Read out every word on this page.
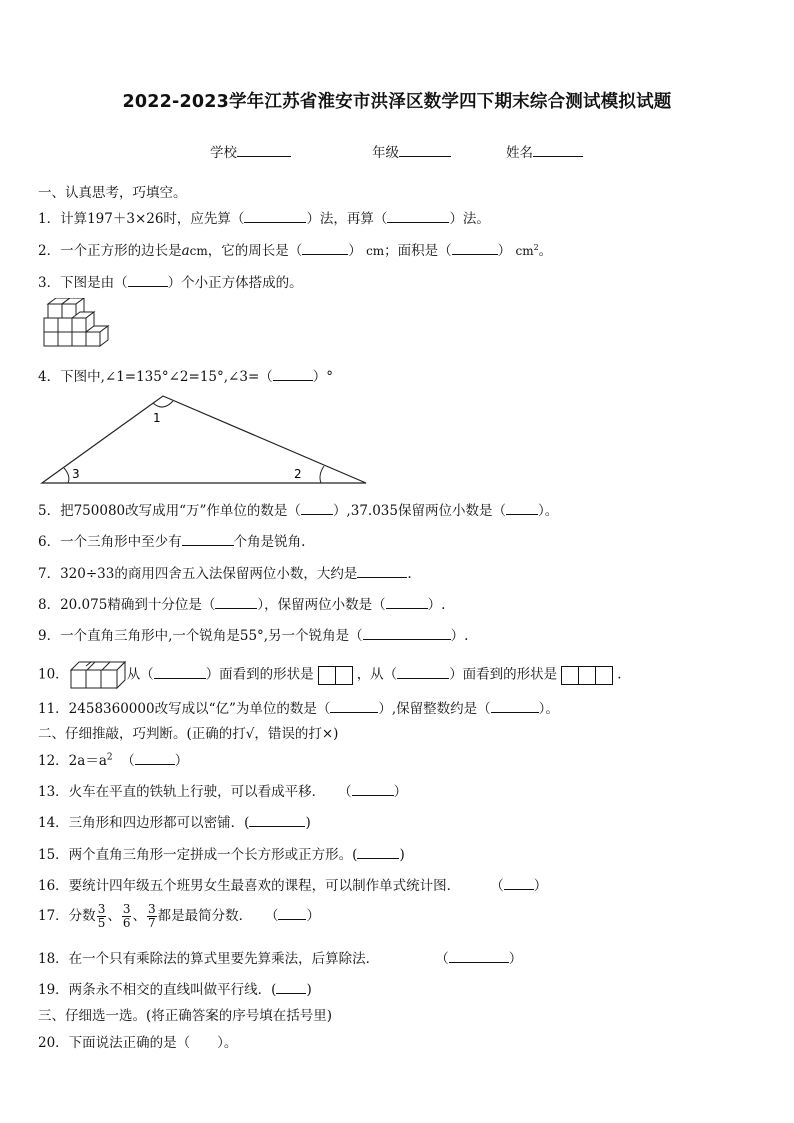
2022-2023学年江苏省淮安市洪泽区数学四下期末综合测试模拟试题
学校	年级	姓名
一、认真思考，巧填空。
1．计算197＋3×26时，应先算（	）法，再算（	）法。
2．一个正方形的边长是acm，它的周长是（	） cm；面积是（	） $cm^2$。
3．下图是由（	）个小正方体搭成的。
4．下图中,∠1=135°∠2=15°,∠3=（	）°
1
3	2
5．把750080改写成用“万”作单位的数是（ ）,37.035保留两位小数是（ ）。
6．一个三角形中至少有	个角是锐角.
7．320÷33的商用四舍五入法保留两位小数，大约是	.
8．20.075精确到十分位是（	），保留两位小数是（	）.
9．一个直角三角形中,一个锐角是55°,另一个锐角是（	）.
10．	从（	）面看到的形状是	，从（	）面看到的形状是	.
11．2458360000改写成以“亿”为单位的数是（	）,保留整数约是（	）。
二、仔细推敲，巧判断。(正确的打√，错误的打×)
12．$2a=a^2$ （	）
13．火车在平直的铁轨上行驶，可以看成平移． （	）
14．三角形和四边形都可以密铺．(	)
15．两个直角三角形一定拼成一个长方形或正方形。(	)
16．要统计四年级五个班男女生最喜欢的课程，可以制作单式统计图． （ ）
17．分数 $\frac{3}{5}$ 、 $\frac{3}{6}$ 、 $\frac{3}{7}$ 都是最简分数． （ ）
18．在一个只有乘除法的算式里要先算乘法，后算除法．	（	）
19．两条永不相交的直线叫做平行线．( )
三、仔细选一选。(将正确答案的序号填在括号里)
20．下面说法正确的是（　　）。
